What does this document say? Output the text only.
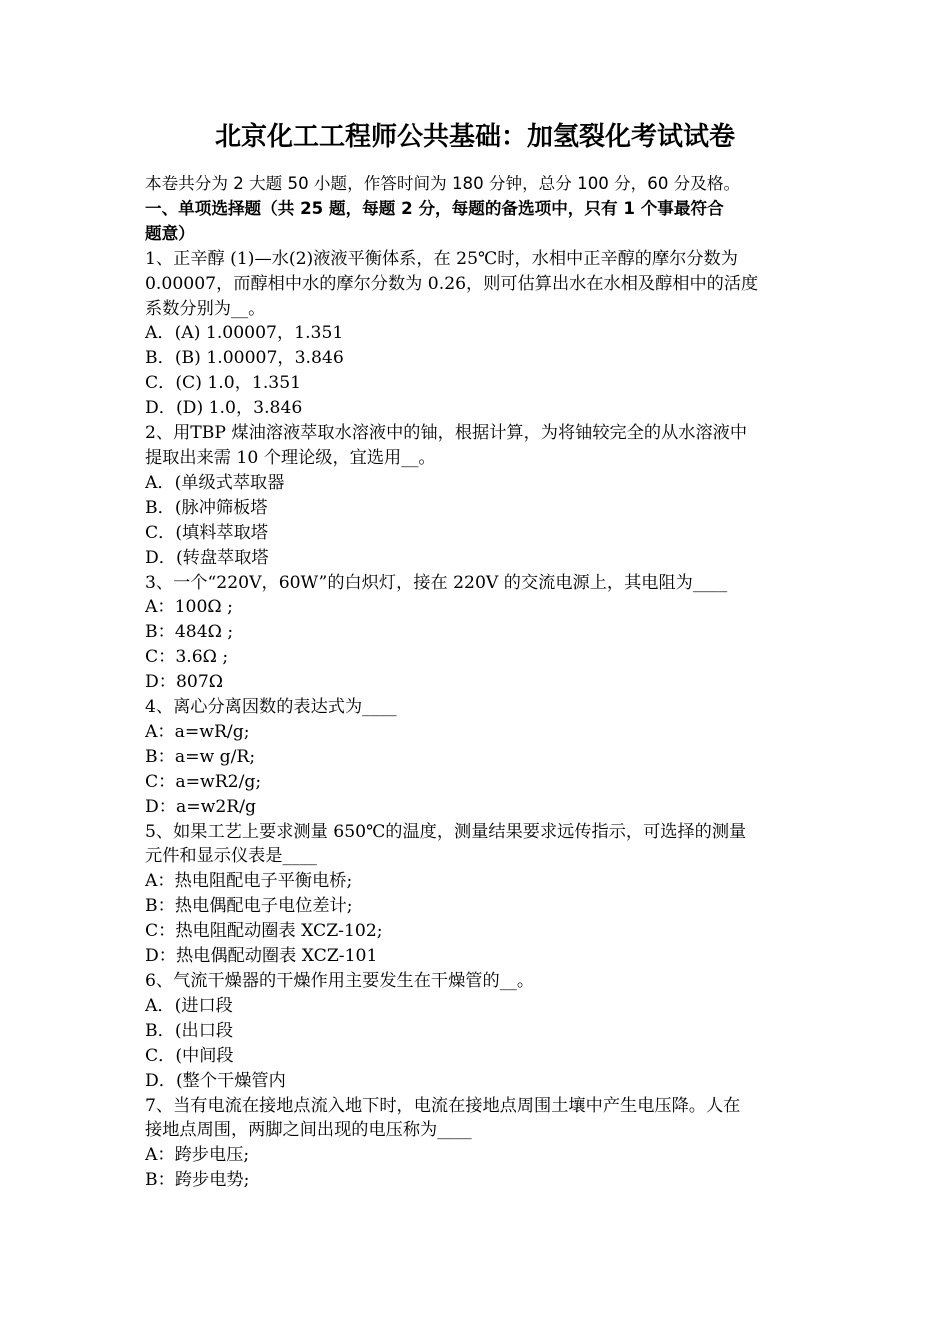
北京化工工程师公共基础：加氢裂化考试试卷
本卷共分为 2 大题 50 小题，作答时间为 180 分钟，总分 100 分，60 分及格。
一、单项选择题（共 25 题，每题 2 分，每题的备选项中，只有 1 个事最符合
题意）
1、正辛醇 (1)—水(2)液液平衡体系，在 25℃时，水相中正辛醇的摩尔分数为
0.00007，而醇相中水的摩尔分数为 0.26，则可估算出水在水相及醇相中的活度
系数分别为__。
A．(A) 1.00007，1.351
B．(B) 1.00007，3.846
C．(C) 1.0，1.351
D．(D) 1.0，3.846
2、用TBP 煤油溶液萃取水溶液中的铀，根据计算，为将铀较完全的从水溶液中
提取出来需 10 个理论级，宜选用__。
A．(单级式萃取器
B．(脉冲筛板塔
C．(填料萃取塔
D．(转盘萃取塔
3、一个“220V，60W”的白炽灯，接在 220V 的交流电源上，其电阻为____
A：100Ω ;
B：484Ω ;
C：3.6Ω ;
D：807Ω
4、离心分离因数的表达式为____
A：a=wR/g;
B：a=w g/R;
C：a=wR2/g;
D：a=w2R/g
5、如果工艺上要求测量 650℃的温度，测量结果要求远传指示，可选择的测量
元件和显示仪表是____
A：热电阻配电子平衡电桥;
B：热电偶配电子电位差计;
C：热电阻配动圈表 XCZ-102;
D：热电偶配动圈表 XCZ-101
6、气流干燥器的干燥作用主要发生在干燥管的__。
A．(进口段
B．(出口段
C．(中间段
D．(整个干燥管内
7、当有电流在接地点流入地下时，电流在接地点周围土壤中产生电压降。人在
接地点周围，两脚之间出现的电压称为____
A：跨步电压;
B：跨步电势;
